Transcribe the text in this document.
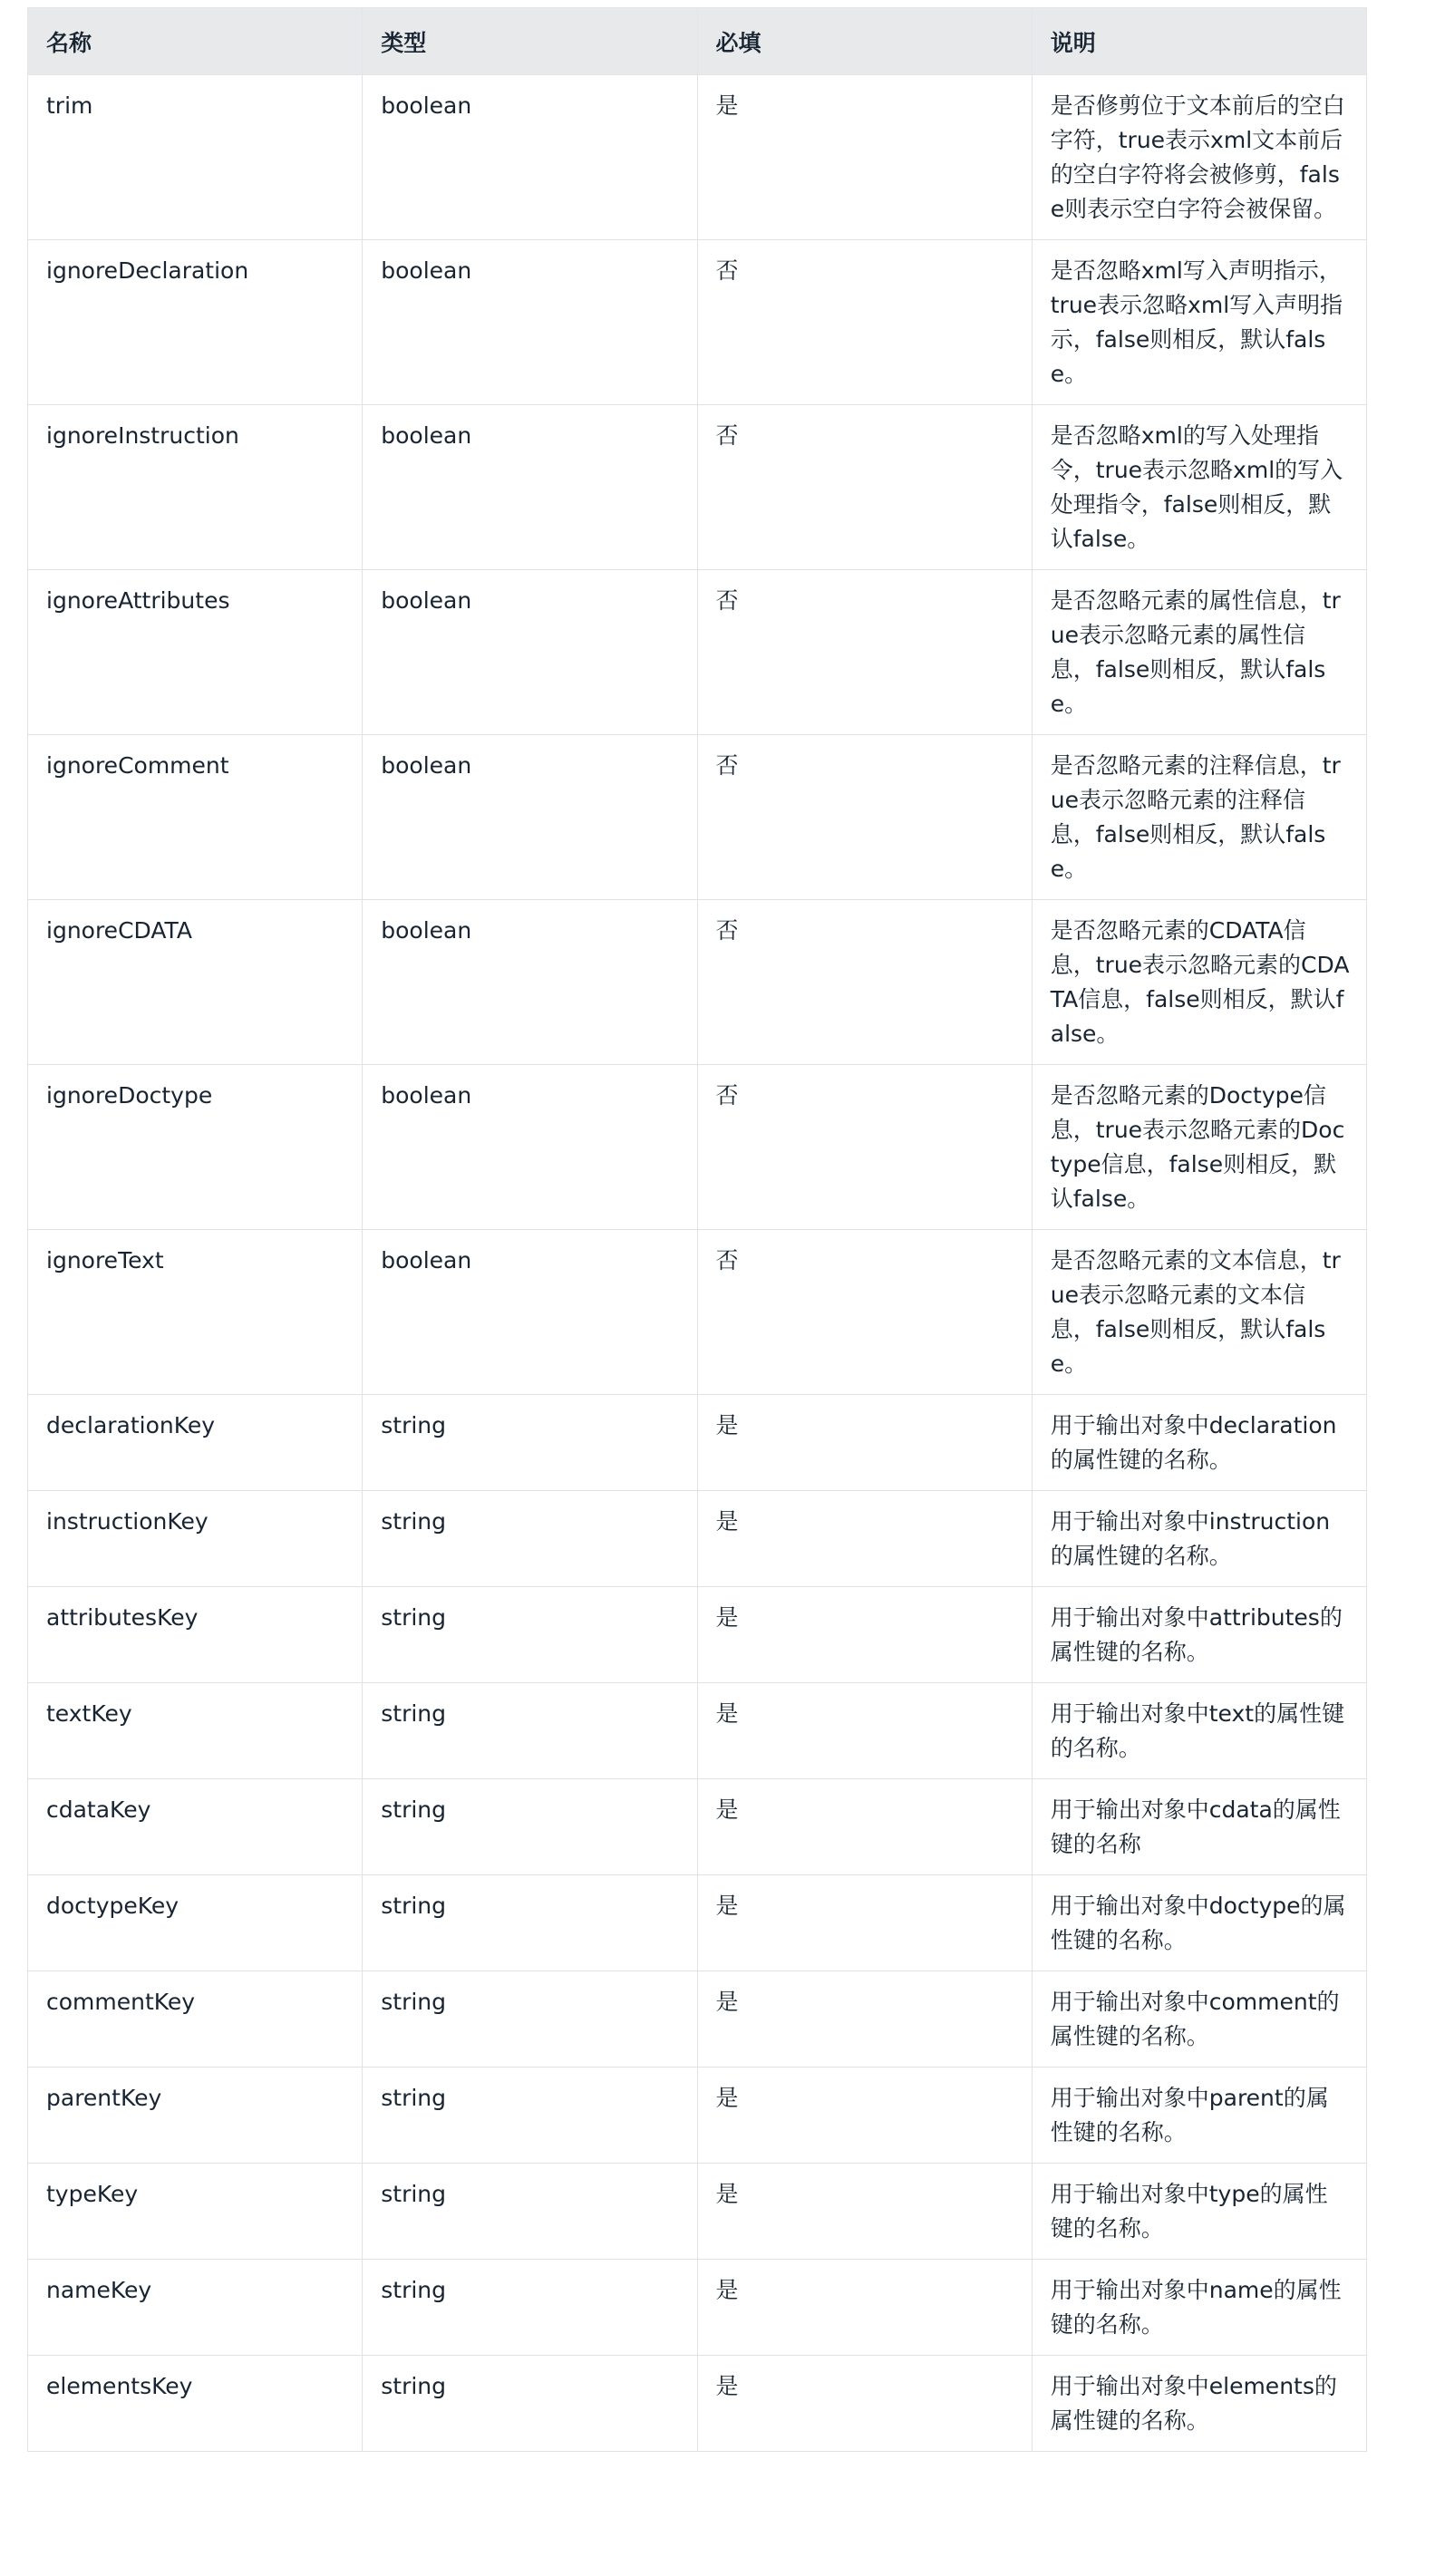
名称	类型	必填	说明
trim	boolean	是	是否修剪位于文本前后的空白字符，true表示xml文本前后的空白字符将会被修剪，false则表示空白字符会被保留。
ignoreDeclaration	boolean	否	是否忽略xml写入声明指示，true表示忽略xml写入声明指示，false则相反，默认false。
ignoreInstruction	boolean	否	是否忽略xml的写入处理指令，true表示忽略xml的写入处理指令，false则相反，默认false。
ignoreAttributes	boolean	否	是否忽略元素的属性信息，true表示忽略元素的属性信息，false则相反，默认false。
ignoreComment	boolean	否	是否忽略元素的注释信息，true表示忽略元素的注释信息，false则相反，默认false。
ignoreCDATA	boolean	否	是否忽略元素的CDATA信息，true表示忽略元素的CDATA信息，false则相反，默认false。
ignoreDoctype	boolean	否	是否忽略元素的Doctype信息，true表示忽略元素的Doctype信息，false则相反，默认false。
ignoreText	boolean	否	是否忽略元素的文本信息，true表示忽略元素的文本信息，false则相反，默认false。
declarationKey	string	是	用于输出对象中declaration的属性键的名称。
instructionKey	string	是	用于输出对象中instruction的属性键的名称。
attributesKey	string	是	用于输出对象中attributes的属性键的名称。
textKey	string	是	用于输出对象中text的属性键的名称。
cdataKey	string	是	用于输出对象中cdata的属性键的名称
doctypeKey	string	是	用于输出对象中doctype的属性键的名称。
commentKey	string	是	用于输出对象中comment的属性键的名称。
parentKey	string	是	用于输出对象中parent的属性键的名称。
typeKey	string	是	用于输出对象中type的属性键的名称。
nameKey	string	是	用于输出对象中name的属性键的名称。
elementsKey	string	是	用于输出对象中elements的属性键的名称。
